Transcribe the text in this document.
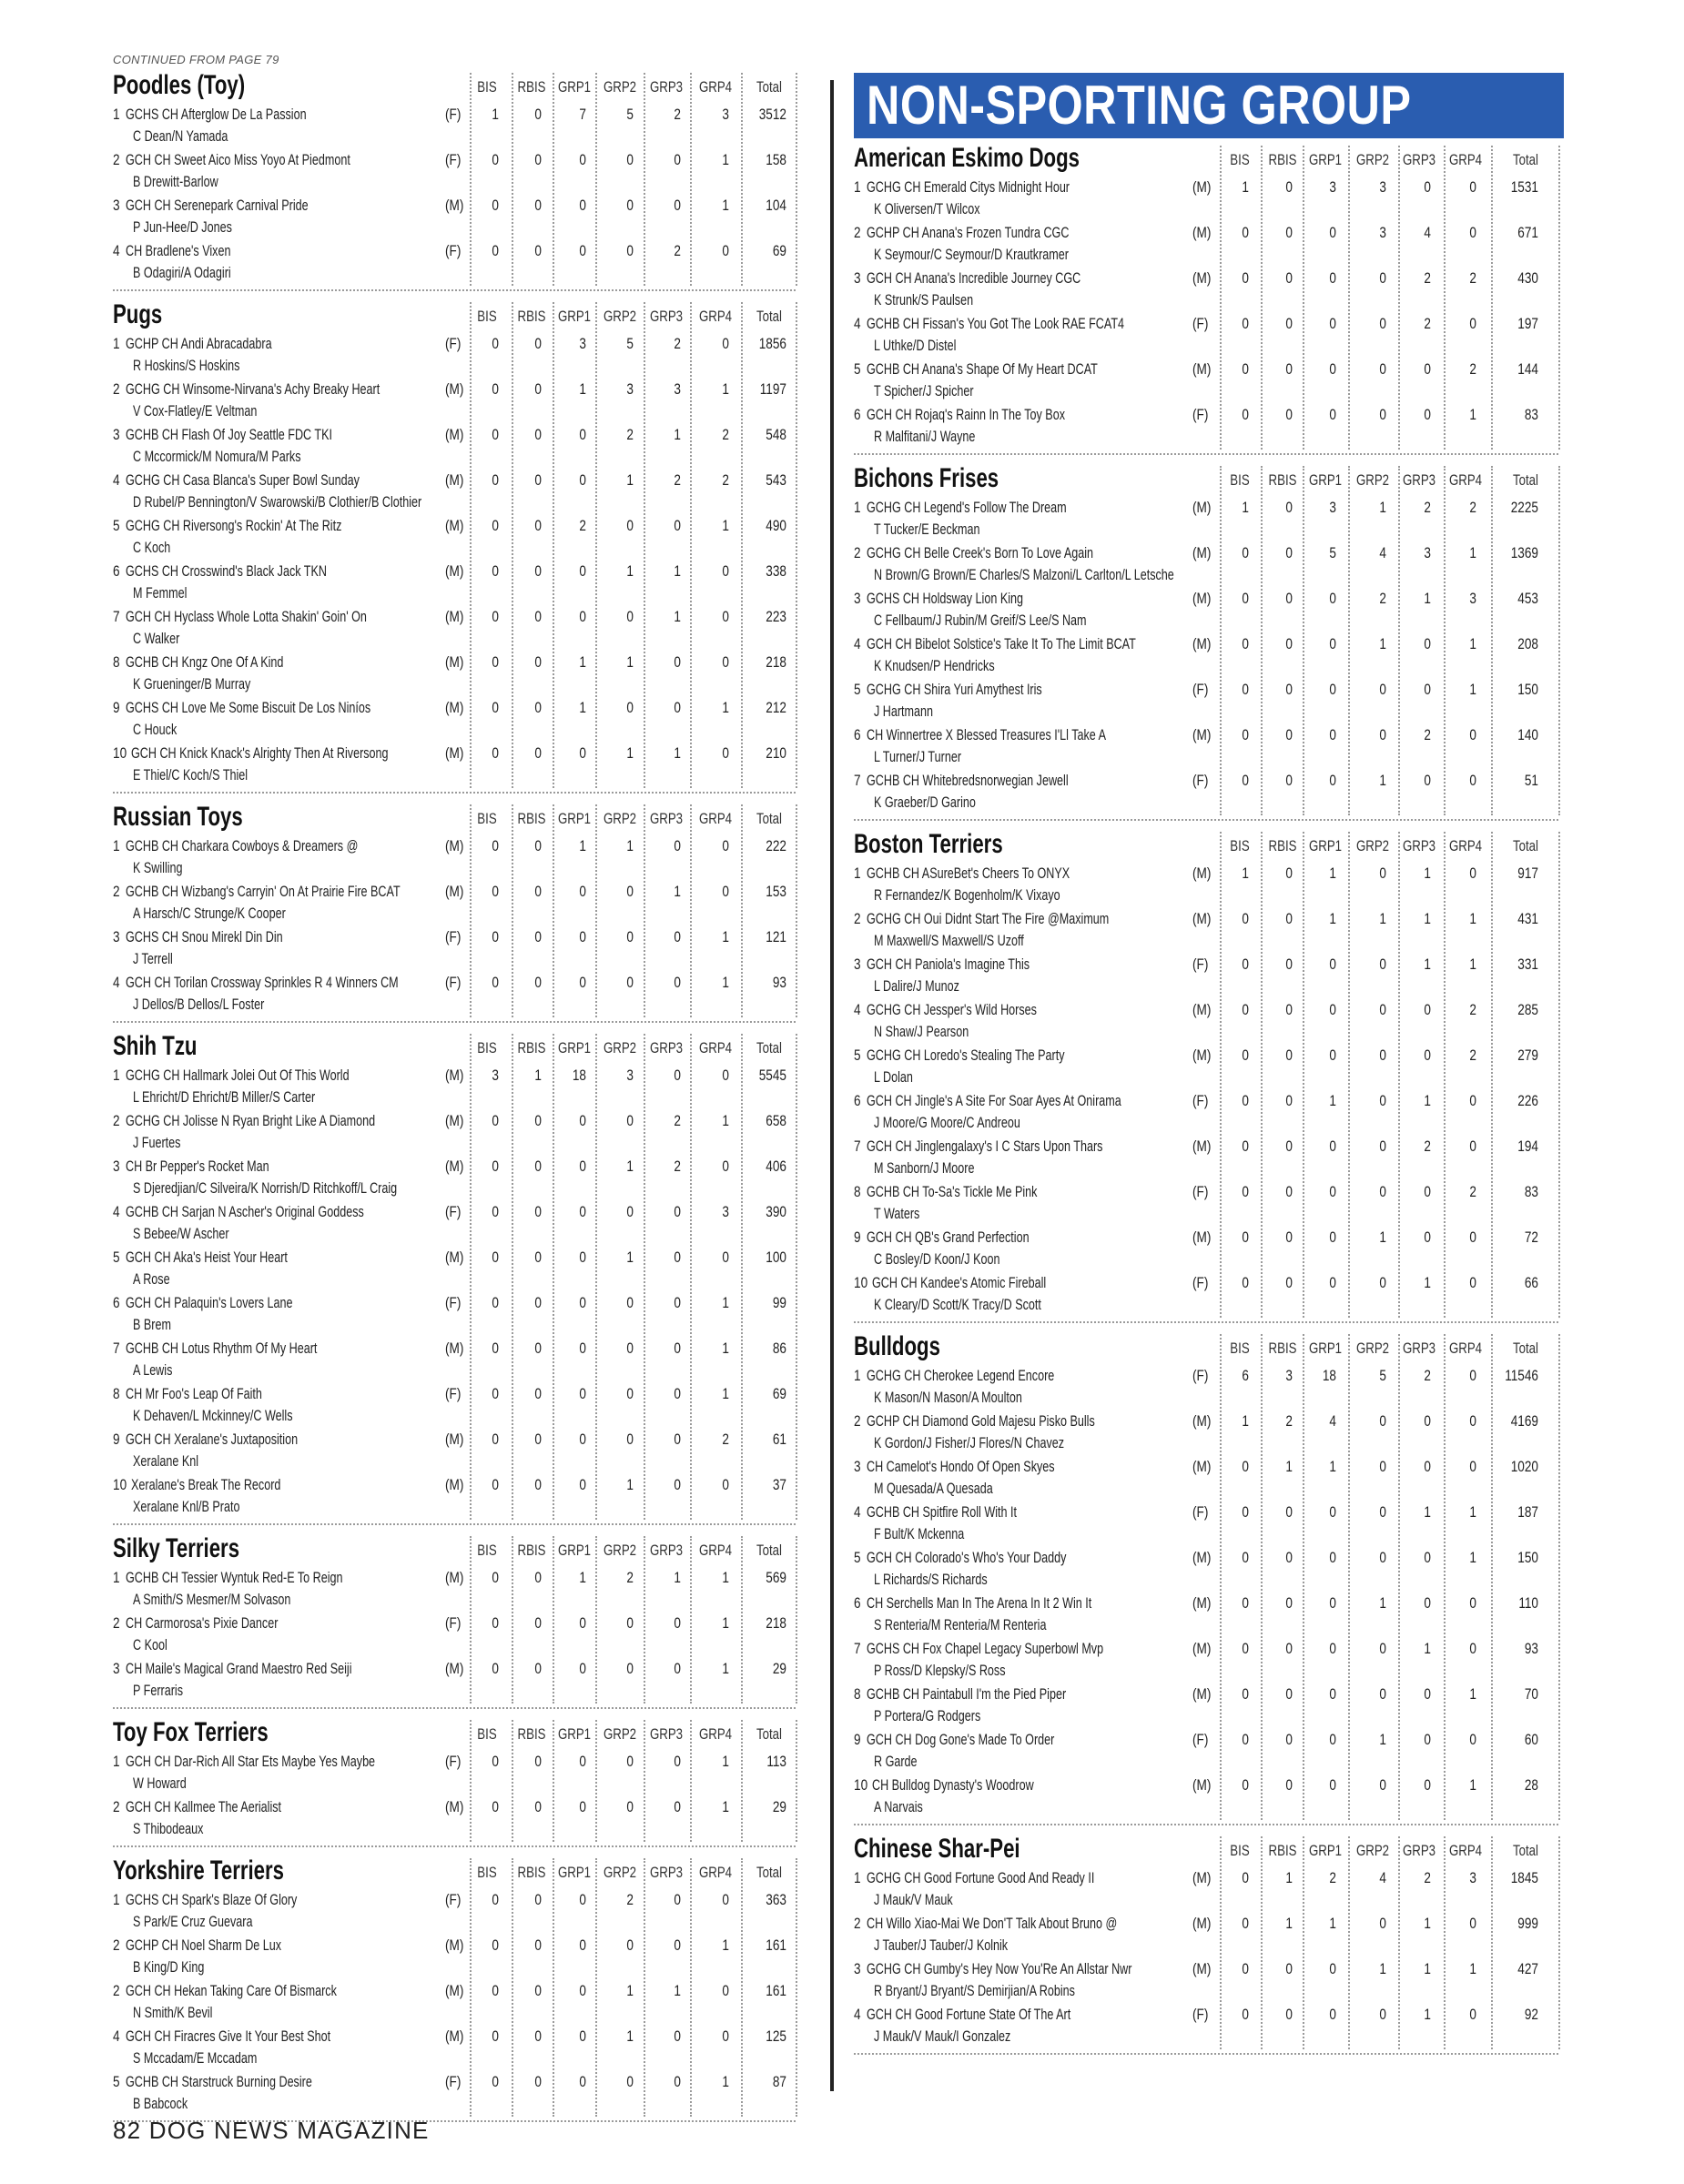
CONTINUED FROM PAGE 79
Poodles (Toy)	BIS	RBIS GRP1 GRP2 GRP3	GRP4	Total
1 GCHS CH Afterglow De La Passion
C Dean/N Yamada
(F)	1	0	7	5	2	3	3512
2 GCH CH Sweet Aico Miss Yoyo At Piedmont
B Drewitt-Barlow
(F)	0	0	0	0	0	1	158
3 GCH CH Serenepark Carnival Pride
P Jun-Hee/D Jones
(M)	0	0	0	0	0	1	104
4 CH Bradlene's Vixen
B Odagiri/A Odagiri
(F)	0	0	0	0	2	0	69
Pugs	BIS	RBIS GRP1 GRP2 GRP3	GRP4	Total
1 GCHP CH Andi Abracadabra
R Hoskins/S Hoskins
(F)	0	0	3	5	2	0	1856
2 GCHG CH Winsome-Nirvana's Achy Breaky Heart
V Cox-Flatley/E Veltman
(M)	0	0	1	3	3	1	1197
3 GCHB CH Flash Of Joy Seattle FDC TKI
C Mccormick/M Nomura/M Parks
(M)	0	0	0	2	1	2	548
4 GCHG CH Casa Blanca's Super Bowl Sunday
D Rubel/P Bennington/V Swarowski/B Clothier/B Clothier
(M)	0	0	0	1	2	2	543
5 GCHG CH Riversong's Rockin' At The Ritz
C Koch
(M)	0	0	2	0	0	1	490
6 GCHS CH Crosswind's Black Jack TKN
M Femmel
(M)	0	0	0	1	1	0	338
7 GCH CH Hyclass Whole Lotta Shakin' Goin' On
C Walker
(M)	0	0	0	0	1	0	223
8 GCHB CH Kngz One Of A Kind
K Grueninger/B Murray
(M)	0	0	1	1	0	0	218
9 GCHS CH Love Me Some Biscuit De Los Niníos
C Houck
(M)	0	0	1	0	0	1	212
10 GCH CH Knick Knack's Alrighty Then At Riversong
E Thiel/C Koch/S Thiel
(M)	0	0	0	1	1	0	210
Russian Toys	BIS	RBIS GRP1 GRP2 GRP3	GRP4	Total
1 GCHB CH Charkara Cowboys & Dreamers @
K Swilling
(M)	0	0	1	1	0	0	222
2 GCHB CH Wizbang's Carryin' On At Prairie Fire BCAT
A Harsch/C Strunge/K Cooper
(M)	0	0	0	0	1	0	153
3 GCHS CH Snou Mirekl Din Din
J Terrell
(F)	0	0	0	0	0	1	121
4 GCH CH Torilan Crossway Sprinkles R 4 Winners CM
J Dellos/B Dellos/L Foster
(F)	0	0	0	0	0	1	93
Shih Tzu	BIS	RBIS GRP1 GRP2 GRP3	GRP4	Total
1 GCHG CH Hallmark Jolei Out Of This World
L Ehricht/D Ehricht/B Miller/S Carter
(M)	3	1	18	3	0	0	5545
2 GCHG CH Jolisse N Ryan Bright Like A Diamond
J Fuertes
(M)	0	0	0	0	2	1	658
3 CH Br Pepper's Rocket Man
S Djeredjian/C Silveira/K Norrish/D Ritchkoff/L Craig
(M)	0	0	0	1	2	0	406
4 GCHB CH Sarjan N Ascher's Original Goddess
S Bebee/W Ascher
(F)	0	0	0	0	0	3	390
5 GCH CH Aka's Heist Your Heart
A Rose
(M)	0	0	0	1	0	0	100
6 GCH CH Palaquin's Lovers Lane
B Brem
(F)	0	0	0	0	0	1	99
7 GCHB CH Lotus Rhythm Of My Heart
A Lewis
(M)	0	0	0	0	0	1	86
8 CH Mr Foo's Leap Of Faith
K Dehaven/L Mckinney/C Wells
(F)	0	0	0	0	0	1	69
9 GCH CH Xeralane's Juxtaposition
Xeralane Knl
(M)	0	0	0	0	0	2	61
10 Xeralane's Break The Record
Xeralane Knl/B Prato
(M)	0	0	0	1	0	0	37
Silky Terriers	BIS	RBIS GRP1 GRP2 GRP3	GRP4	Total
1 GCHB CH Tessier Wyntuk Red-E To Reign
A Smith/S Mesmer/M Solvason
(M)	0	0	1	2	1	1	569
2 CH Carmorosa's Pixie Dancer
C Kool
(F)	0	0	0	0	0	1	218
3 CH Maile's Magical Grand Maestro Red Seiji
P Ferraris
(M)	0	0	0	0	0	1	29
Toy Fox Terriers	BIS	RBIS GRP1 GRP2 GRP3	GRP4	Total
1 GCH CH Dar-Rich All Star Ets Maybe Yes Maybe
W Howard
(F)	0	0	0	0	0	1	113
2 GCH CH Kallmee The Aerialist
S Thibodeaux
(M)	0	0	0	0	0	1	29
Yorkshire Terriers	BIS	RBIS GRP1 GRP2 GRP3	GRP4	Total
1 GCHS CH Spark's Blaze Of Glory
S Park/E Cruz Guevara
(F)	0	0	0	2	0	0	363
2 GCHP CH Noel Sharm De Lux
B King/D King
(M)	0	0	0	0	0	1	161
2 GCH CH Hekan Taking Care Of Bismarck
N Smith/K Bevil
(M)	0	0	0	1	1	0	161
4 GCH CH Firacres Give It Your Best Shot
S Mccadam/E Mccadam
(M)	0	0	0	1	0	0	125
5 GCHB CH Starstruck Burning Desire
B Babcock
(F)	0	0	0	0	0	1	87
NON-SPORTING GROUP
American Eskimo Dogs	BIS	RBIS GRP1 GRP2 GRP3 GRP4	Total
1 GCHG CH Emerald Citys Midnight Hour
K Oliversen/T Wilcox
(M)	1	0	3	3	0	0	1531
2 GCHP CH Anana's Frozen Tundra CGC
K Seymour/C Seymour/D Krautkramer
(M)	0	0	0	3	4	0	671
3 GCH CH Anana's Incredible Journey CGC
K Strunk/S Paulsen
(M)	0	0	0	0	2	2	430
4 GCHB CH Fissan's You Got The Look RAE FCAT4
L Uthke/D Distel
(F)	0	0	0	0	2	0	197
5 GCHB CH Anana's Shape Of My Heart DCAT
T Spicher/J Spicher
(M)	0	0	0	0	0	2	144
6 GCH CH Rojaq's Rainn In The Toy Box
R Malfitani/J Wayne
(F)	0	0	0	0	0	1	83
Bichons Frises	BIS	RBIS GRP1 GRP2 GRP3 GRP4	Total
1 GCHG CH Legend's Follow The Dream
T Tucker/E Beckman
(M)	1	0	3	1	2	2	2225
2 GCHG CH Belle Creek's Born To Love Again
N Brown/G Brown/E Charles/S Malzoni/L Carlton/L Letsche
(M)	0	0	5	4	3	1	1369
3 GCHS CH Holdsway Lion King
C Fellbaum/J Rubin/M Greif/S Lee/S Nam
(M)	0	0	0	2	1	3	453
4 GCH CH Bibelot Solstice's Take It To The Limit BCAT
K Knudsen/P Hendricks
(M)	0	0	0	1	0	1	208
5 GCHG CH Shira Yuri Amythest Iris
J Hartmann
(F)	0	0	0	0	0	1	150
6 CH Winnertree X Blessed Treasures I'Ll Take A
L Turner/J Turner
(M)	0	0	0	0	2	0	140
7 GCHB CH Whitebredsnorwegian Jewell
K Graeber/D Garino
(F)	0	0	0	1	0	0	51
Boston Terriers	BIS	RBIS GRP1 GRP2 GRP3 GRP4	Total
1 GCHB CH ASureBet's Cheers To ONYX
R Fernandez/K Bogenholm/K Vixayo
(M)	1	0	1	0	1	0	917
2 GCHG CH Oui Didnt Start The Fire @Maximum
M Maxwell/S Maxwell/S Uzoff
(M)	0	0	1	1	1	1	431
3 GCH CH Paniola's Imagine This
L Dalire/J Munoz
(F)	0	0	0	0	1	1	331
4 GCHG CH Jessper's Wild Horses
N Shaw/J Pearson
(M)	0	0	0	0	0	2	285
5 GCHG CH Loredo's Stealing The Party
L Dolan
(M)	0	0	0	0	0	2	279
6 GCH CH Jingle's A Site For Soar Ayes At Onirama
J Moore/G Moore/C Andreou
(F)	0	0	1	0	1	0	226
7 GCH CH Jinglengalaxy's I C Stars Upon Thars
M Sanborn/J Moore
(M)	0	0	0	0	2	0	194
8 GCHB CH To-Sa's Tickle Me Pink
T Waters
(F)	0	0	0	0	0	2	83
9 GCH CH QB's Grand Perfection
C Bosley/D Koon/J Koon
(M)	0	0	0	1	0	0	72
10 GCH CH Kandee's Atomic Fireball
K Cleary/D Scott/K Tracy/D Scott
(F)	0	0	0	0	1	0	66
Bulldogs	BIS	RBIS GRP1 GRP2 GRP3 GRP4	Total
1 GCHG CH Cherokee Legend Encore
K Mason/N Mason/A Moulton
(F)	6	3	18	5	2	0	11546
2 GCHP CH Diamond Gold Majesu Pisko Bulls
K Gordon/J Fisher/J Flores/N Chavez
(M)	1	2	4	0	0	0	4169
3 CH Camelot's Hondo Of Open Skyes
M Quesada/A Quesada
(M)	0	1	1	0	0	0	1020
4 GCHB CH Spitfire Roll With It
F Bult/K Mckenna
(F)	0	0	0	0	1	1	187
5 GCH CH Colorado's Who's Your Daddy
L Richards/S Richards
(M)	0	0	0	0	0	1	150
6 CH Serchells Man In The Arena In It 2 Win It
S Renteria/M Renteria/M Renteria
(M)	0	0	0	1	0	0	110
7 GCHS CH Fox Chapel Legacy Superbowl Mvp
P Ross/D Klepsky/S Ross
(M)	0	0	0	0	1	0	93
8 GCHB CH Paintabull I'm the Pied Piper
P Portera/G Rodgers
(M)	0	0	0	0	0	1	70
9 GCH CH Dog Gone's Made To Order
R Garde
(F)	0	0	0	1	0	0	60
10 CH Bulldog Dynasty's Woodrow
A Narvais
(M)	0	0	0	0	0	1	28
Chinese Shar-Pei	BIS	RBIS GRP1 GRP2 GRP3 GRP4	Total
1 GCHG CH Good Fortune Good And Ready II
J Mauk/V Mauk
(M)	0	1	2	4	2	3	1845
2 CH Willo Xiao-Mai We Don'T Talk About Bruno @
J Tauber/J Tauber/J Kolnik
(M)	0	1	1	0	1	0	999
3 GCHG CH Gumby's Hey Now You'Re An Allstar Nwr
R Bryant/J Bryant/S Demirjian/A Robins
(M)	0	0	0	1	1	1	427
4 GCH CH Good Fortune State Of The Art
J Mauk/V Mauk/I Gonzalez
(F)	0	0	0	0	1	0	92
82 DOG NEWS MAGAZINE
